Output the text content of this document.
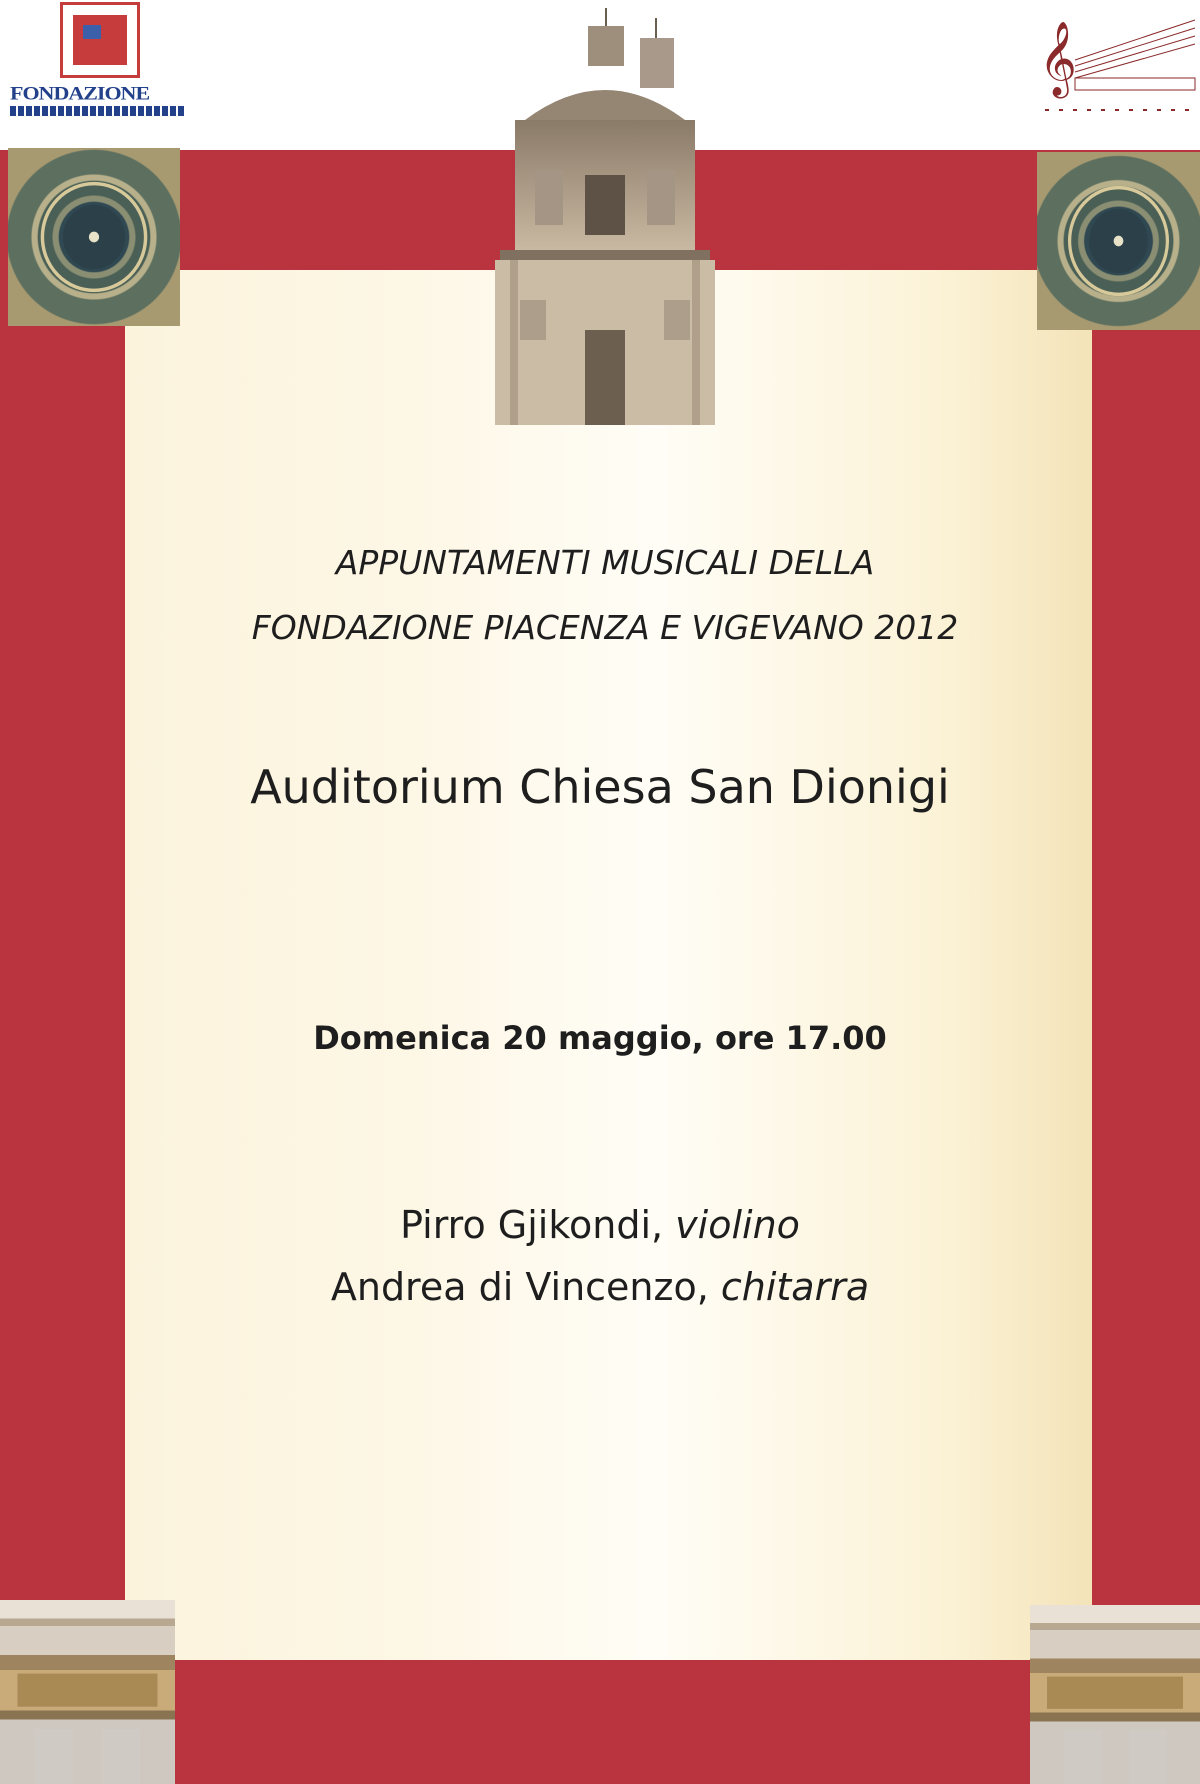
FONDAZIONE	𝄞
APPUNTAMENTI MUSICALI DELLA
FONDAZIONE PIACENZA E VIGEVANO 2012
Auditorium Chiesa San Dionigi
Domenica 20 maggio, ore 17.00
Pirro Gjikondi, violino
Andrea di Vincenzo, chitarra
